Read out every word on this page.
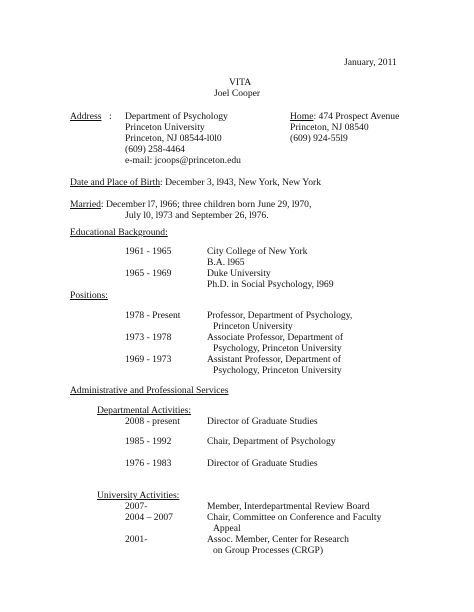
January, 2011
VITA
Joel Cooper
Address : Department of Psychology
Princeton University
Princeton, NJ 08544-l0l0
(609) 258-4464
e-mail: jcoops@princeton.edu
Home: 474 Prospect Avenue
Princeton, NJ 08540
(609) 924-55l9
Date and Place of Birth: December 3, l943, New York, New York
Married: December l7, l966; three children born June 29, l970,
July l0, l973 and September 26, l976.
Educational Background:
1961 - 1965	City College of New York
B.A. l965
1965 - 1969	Duke University
Ph.D. in Social Psychology, l969
Positions:
1978 - Present	Professor, Department of Psychology,
Princeton University
1973 - 1978	Associate Professor, Department of
Psychology, Princeton University
1969 - 1973	Assistant Professor, Department of
Psychology, Princeton University
Administrative and Professional Services
Departmental Activities:
2008 - present	Director of Graduate Studies
1985 - 1992	Chair, Department of Psychology
1976 - 1983	Director of Graduate Studies
University Activities:
2007-	Member, Interdepartmental Review Board
2004 – 2007	Chair, Committee on Conference and Faculty
Appeal
2001-	Assoc. Member, Center for Research
on Group Processes (CRGP)
